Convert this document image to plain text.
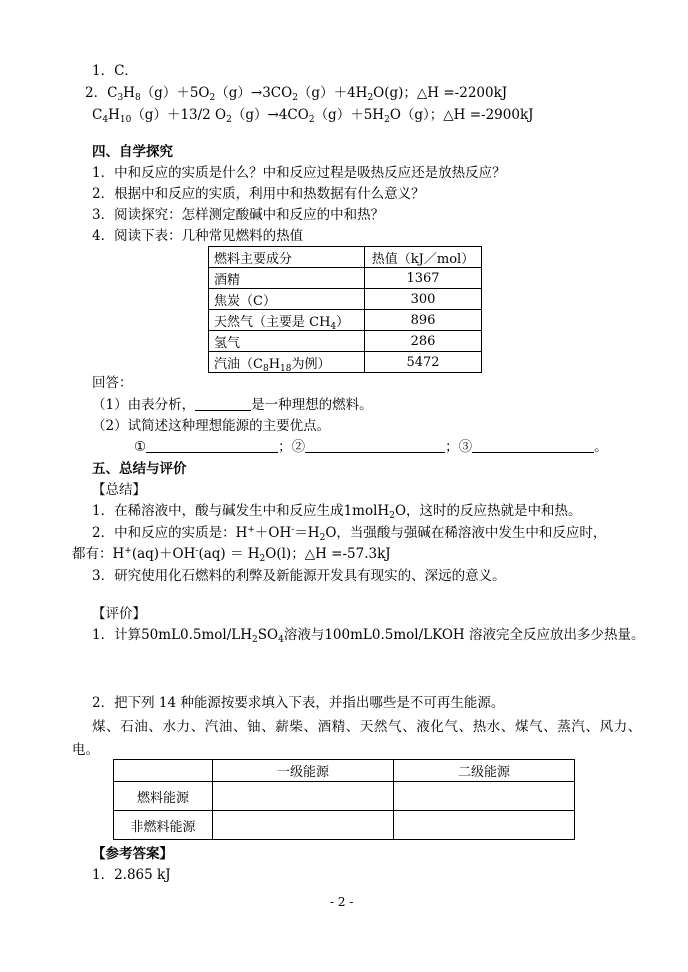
1．C．
2．$C_3H_8(g)+5O_2(g)\to 3CO_2(g)+4H_2O(g)$；△H =-2200kJ
$C_4H_{10}(g)+13/2$ $O_2(g)\to 4CO_2(g)+5H_2O(g)$；△H =-2900kJ
四、自学探究
1．中和反应的实质是什么？中和反应过程是吸热反应还是放热反应？
2．根据中和反应的实质，利用中和热数据有什么意义？
3．阅读探究：怎样测定酸碱中和反应的中和热？
4．阅读下表：几种常见燃料的热值
燃料主要成分	热值（kJ／mol）
酒精	1367
焦炭（C）	300
天然气（主要是 $CH_4$）	896
氢气	286
汽油（$C_8H_{18}$为例）	5472
回答：
（1）由表分析，	是一种理想的燃料。
（2）试简述这种理想能源的主要优点。
①	；②	；③	。
五、总结与评价
【总结】
1．在稀溶液中，酸与碱发生中和反应生成1molH$_2$O，这时的反应热就是中和热。
2．中和反应的实质是：$H^++OH^-=H_2O$，当强酸与强碱在稀溶液中发生中和反应时，
都有：$H^+(aq)+OH^-(aq) = H_2O(l)$；△H =-57.3kJ
3．研究使用化石燃料的利弊及新能源开发具有现实的、深远的意义。
【评价】
1．计算$50mL0.5mol/LH_2SO_4$溶液与100mL0.5mol/LKOH 溶液完全反应放出多少热量。
2．把下列 14 种能源按要求填入下表，并指出哪些是不可再生能源。
煤、石油、水力、汽油、铀、薪柴、酒精、天然气、液化气、热水、煤气、蒸汽、风力、
电。
	一级能源	二级能源
燃料能源		
非燃料能源		
【参考答案】
1．2.865 kJ
- 2 -
